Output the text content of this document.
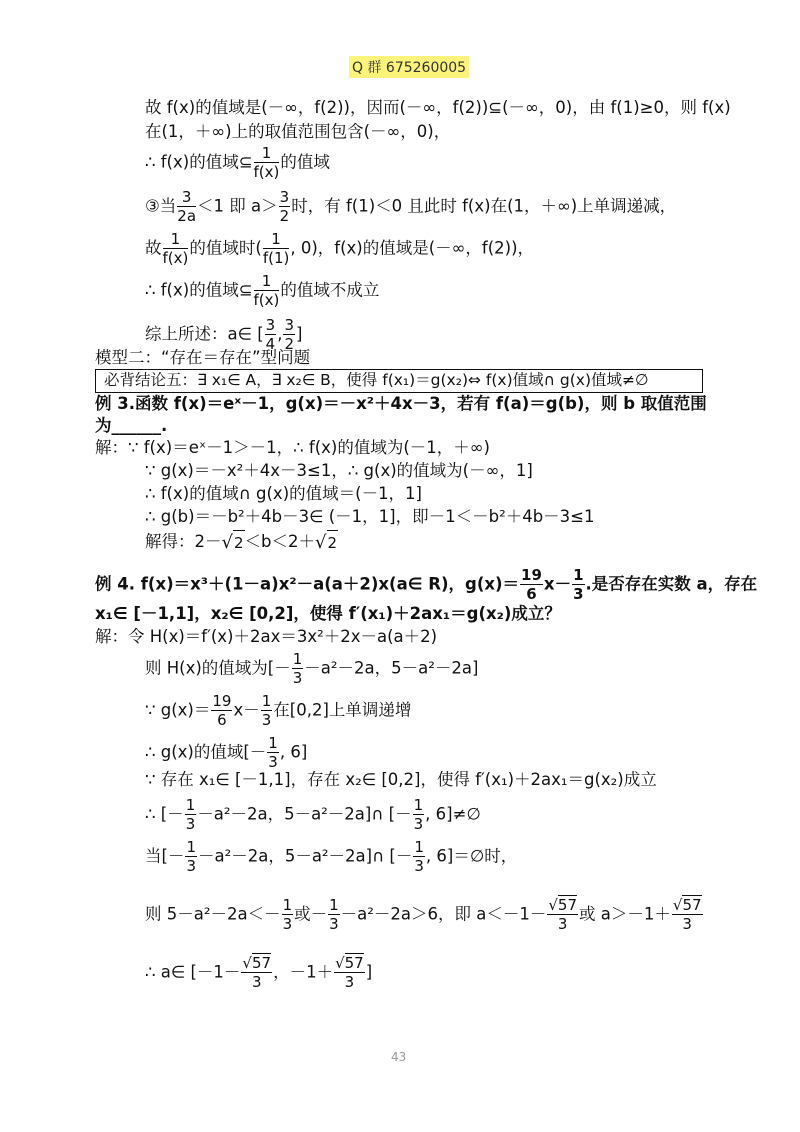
Q 群 675260005
故 f(x)的值域是(－∞，f(2))，因而(－∞，f(2))⊆(－∞，0)，由 f(1)≥0，则 f(x)
在(1，＋∞)上的取值范围包含(－∞，0)，
∴ f(x)的值域⊆ $\frac{1}{f(x)}$ 的值域
③当 $\frac{3}{2a} <1$ 即 $a> \frac{3}{2}$ 时，有 f(1)＜0 且此时 f(x)在(1，＋∞)上单调递减，
故 $\frac{1}{f(x)}$ 的值域时( $\frac{1}{f(1)}$ , 0)，f(x)的值域是(－∞，f(2))，
∴ f(x)的值域⊆ $\frac{1}{f(x)}$ 的值域不成立
综上所述：a∈ [ $\frac{3}{4}$ , $\frac{3}{2}$ ]
模型二：“存在＝存在”型问题
必背结论五：∃ x₁∈ A，∃ x₂∈ B，使得 f(x₁)＝g(x₂)⇔ f(x)值域∩ g(x)值域≠∅
例 3.函数 f(x)＝eˣ－1，g(x)＝－x²＋4x－3，若有 f(a)＝g(b)，则 b 取值范围
为______.
解：∵ f(x)＝eˣ－1＞－1，∴ f(x)的值域为(－1，＋∞)
∵ g(x)＝－x²＋4x－3≤1，∴ g(x)的值域为(－∞，1]
∴ f(x)的值域∩ g(x)的值域＝(－1，1]
∴ g(b)＝－b²＋4b－3∈ (－1，1]，即－1＜－b²＋4b－3≤1
解得：2－√2＜b＜2＋√2
例 4. f(x)＝x³＋(1－a)x²－a(a＋2)x(a∈ R)，$g(x)= \frac{19}{6} x- \frac{1}{3}$ .是否存在实数 a，存在
x₁∈ [－1,1]，x₂∈ [0,2]，使得 f′(x₁)＋2ax₁＝g(x₂)成立？
解：令 H(x)＝f′(x)＋2ax＝3x²＋2x－a(a＋2)
则 H(x)的值域为[－ $\frac{1}{3} -a^2-2a$，5－a²－2a]
∵ $g(x)= \frac{19}{6} x- \frac{1}{3}$ 在[0,2]上单调递增
∴ g(x)的值域[－ $\frac{1}{3}$ , 6]
∵ 存在 x₁∈ [－1,1]，存在 x₂∈ [0,2]，使得 f′(x₁)＋2ax₁＝g(x₂)成立
∴ [－ $\frac{1}{3} -a^2-2a$，5－a²－2a]∩ [－ $\frac{1}{3}$ , 6]≠∅
当[－ $\frac{1}{3} -a^2-2a$，5－a²－2a]∩ [－ $\frac{1}{3}$ , 6]＝∅时，
则 $5-a^2-2a<- \frac{1}{3}$ 或－ $\frac{1}{3} -a^2-2a>6$，即 $a<-1- \frac{√57}{3}$ 或 $a>-1+ \frac{√57}{3}$
∴ a∈ [$-1- \frac{√57}{3}$ ，$-1+ \frac{√57}{3}$ ]
43
